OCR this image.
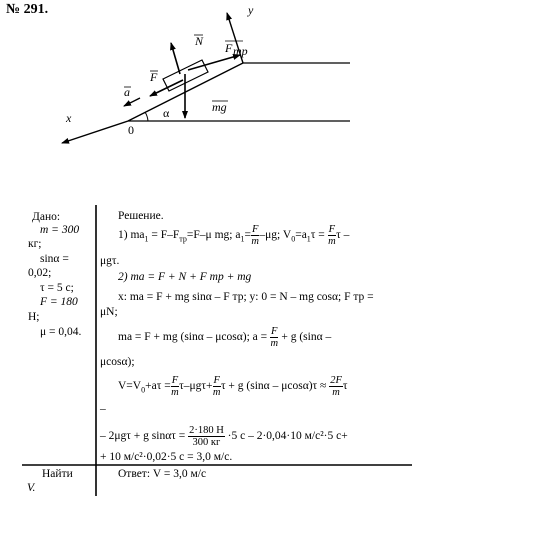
№ 291.	y
x
0
α
N F тр
F
a
mg
Дано:
m = 300
кг;
sinα =
0,02;
τ = 5 с;
F = 180
Н;
μ = 0,04.
Найти
V.
Решение.
1) $ma_1 = F-F_{тр}=F-\mu$ mg; $a_1= \frac{F}{m} -\mu g$; $V_0=a_1\tau = \frac{F}{m}$ τ –
μgτ.
2) ma = F + N + F тр + mg
x: ma = F + mg sinα – F тр; y: 0 = N – mg cosα; F тр =
μN;
ma = F + mg (sinα – μcosα); $a = \frac{F}{m} + g$ (sinα –
μcosα);
$V=V_0+a\tau = \frac{F}{m} \tau-\mu g\tau+ \frac{F}{m}$ τ + g $(\sin\alpha - \mu\cos\alpha)\tau \approx \frac{2F}{m}$ τ
–
– 2μgτ + g $\sin\alpha\tau = \frac{2\cdot 180 Н}{300 кг} \cdot 5$ с – 2·0,04·10 м/с²·5 с+
+ 10 м/с²·0,02·5 с = 3,0 м/с.
Ответ: V = 3,0 м/с
